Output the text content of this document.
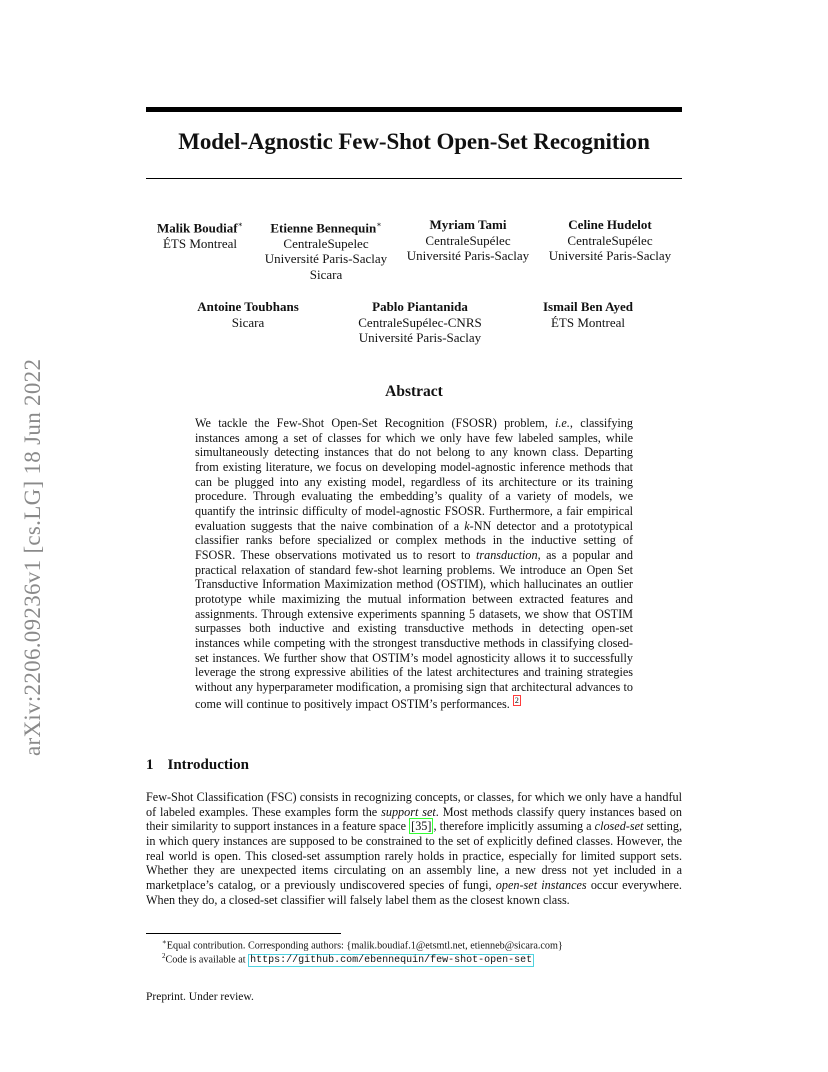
arXiv:2206.09236v1 [cs.LG] 18 Jun 2022
Model-Agnostic Few-Shot Open-Set Recognition
Malik Boudiaf∗
ÉTS Montreal
Etienne Bennequin∗
CentraleSupelec
Université Paris-Saclay
Sicara
Myriam Tami
CentraleSupélec
Université Paris-Saclay
Celine Hudelot
CentraleSupélec
Université Paris-Saclay
Antoine Toubhans
Sicara
Pablo Piantanida
CentraleSupélec-CNRS
Université Paris-Saclay
Ismail Ben Ayed
ÉTS Montreal
Abstract
We tackle the Few-Shot Open-Set Recognition (FSOSR) problem, i.e., classifying instances among a set of classes for which we only have few labeled samples, while simultaneously detecting instances that do not belong to any known class. Departing from existing literature, we focus on developing model-agnostic inference methods that can be plugged into any existing model, regardless of its architecture or its training procedure. Through evaluating the embedding’s quality of a variety of models, we quantify the intrinsic difficulty of model-agnostic FSOSR. Furthermore, a fair empirical evaluation suggests that the naive combination of a k-NN detector and a prototypical classifier ranks before specialized or complex methods in the inductive setting of FSOSR. These observations motivated us to resort to transduction, as a popular and practical relaxation of standard few-shot learning problems. We introduce an Open Set Transductive Information Maximization method (OSTIM), which hallucinates an outlier prototype while maximizing the mutual information between extracted features and assignments. Through extensive experiments spanning 5 datasets, we show that OSTIM surpasses both inductive and existing transductive methods in detecting open-set instances while competing with the strongest transductive methods in classifying closed-set instances. We further show that OSTIM’s model agnosticity allows it to successfully leverage the strong expressive abilities of the latest architectures and training strategies without any hyperparameter modification, a promising sign that architectural advances to come will continue to positively impact OSTIM’s performances. $^2$
1 Introduction
Few-Shot Classification (FSC) consists in recognizing concepts, or classes, for which we only have a handful of labeled examples. These examples form the support set. Most methods classify query instances based on their similarity to support instances in a feature space [35] , therefore implicitly assuming a closed-set setting, in which query instances are supposed to be constrained to the set of explicitly defined classes. However, the real world is open. This closed-set assumption rarely holds in practice, especially for limited support sets. Whether they are unexpected items circulating on an assembly line, a new dress not yet included in a marketplace’s catalog, or a previously undiscovered species of fungi, open-set instances occur everywhere. When they do, a closed-set classifier will falsely label them as the closest known class.
∗Equal contribution. Corresponding authors: {malik.boudiaf.1@etsmtl.net, etienneb@sicara.com}
$^2$Code is available at https://github.com/ebennequin/few-shot-open-set
Preprint. Under review.
